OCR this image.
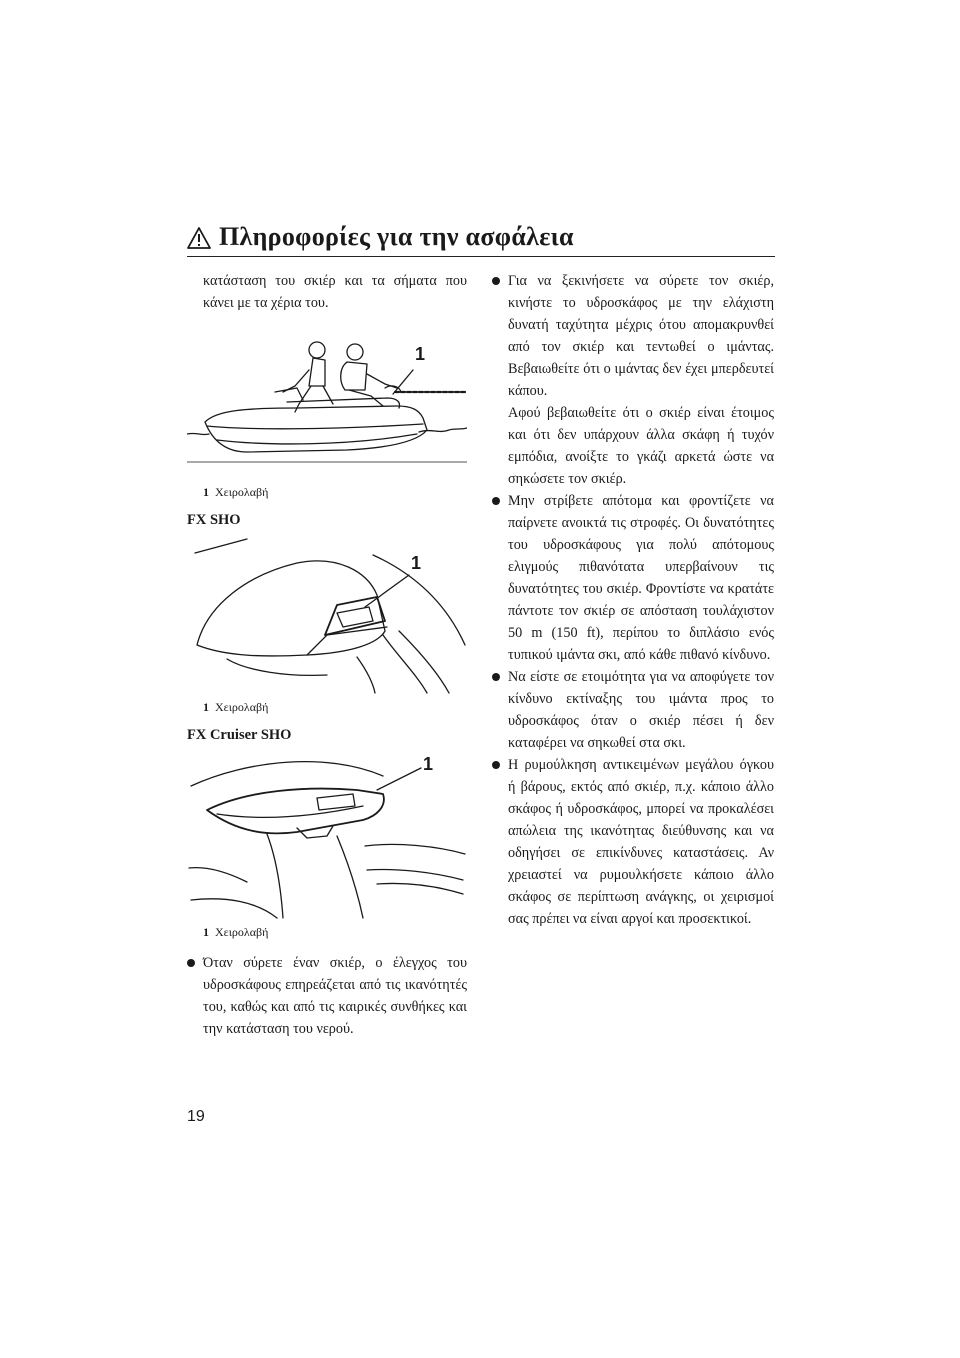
Πληροφορίες για την ασφάλεια

κατάσταση του σκιέρ και τα σήματα που κάνει με τα χέρια του.

1
1 Χειρολαβή
FX SHO
1
1 Χειρολαβή
FX Cruiser SHO
1
1 Χειρολαβή

Όταν σύρετε έναν σκιέρ, ο έλεγχος του υδροσκάφους επηρεάζεται από τις ικανότητές του, καθώς και από τις καιρικές συνθήκες και την κατάσταση του νερού.

Για να ξεκινήσετε να σύρετε τον σκιέρ, κινήστε το υδροσκάφος με την ελάχιστη δυνατή ταχύτητα μέχρις ότου απομακρυνθεί από τον σκιέρ και τεντωθεί ο ιμάντας. Βεβαιωθείτε ότι ο ιμάντας δεν έχει μπερδευτεί κάπου.

Αφού βεβαιωθείτε ότι ο σκιέρ είναι έτοιμος και ότι δεν υπάρχουν άλλα σκάφη ή τυχόν εμπόδια, ανοίξτε το γκάζι αρκετά ώστε να σηκώσετε τον σκιέρ.

Μην στρίβετε απότομα και φροντίζετε να παίρνετε ανοικτά τις στροφές. Οι δυνατότητες του υδροσκάφους για πολύ απότομους ελιγμούς πιθανότατα υπερβαίνουν τις δυνατότητες του σκιέρ. Φροντίστε να κρατάτε πάντοτε τον σκιέρ σε απόσταση τουλάχιστον 50 m (150 ft), περίπου το διπλάσιο ενός τυπικού ιμάντα σκι, από κάθε πιθανό κίνδυνο.

Να είστε σε ετοιμότητα για να αποφύγετε τον κίνδυνο εκτίναξης του ιμάντα προς το υδροσκάφος όταν ο σκιέρ πέσει ή δεν καταφέρει να σηκωθεί στα σκι.

Η ρυμούλκηση αντικειμένων μεγάλου όγκου ή βάρους, εκτός από σκιέρ, π.χ. κάποιο άλλο σκάφος ή υδροσκάφος, μπορεί να προκαλέσει απώλεια της ικανότητας διεύθυνσης και να οδηγήσει σε επικίνδυνες καταστάσεις. Αν χρειαστεί να ρυμουλκήσετε κάποιο άλλο σκάφος σε περίπτωση ανάγκης, οι χειρισμοί σας πρέπει να είναι αργοί και προσεκτικοί.

19
